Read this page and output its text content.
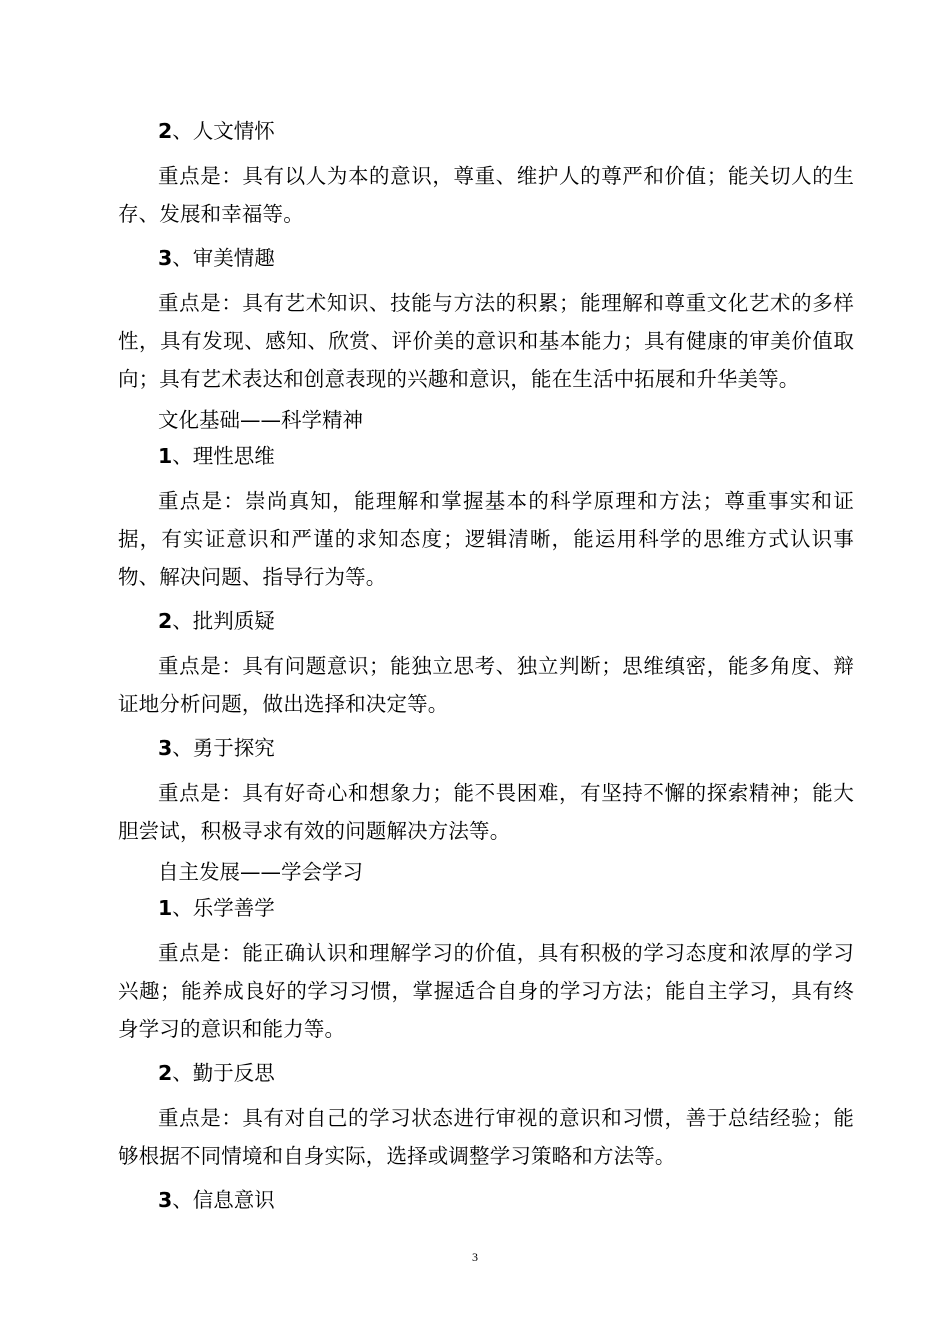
2、人文情怀
重点是：具有以人为本的意识，尊重、维护人的尊严和价值；能关切人的生存、发展和幸福等。
3、审美情趣
重点是：具有艺术知识、技能与方法的积累；能理解和尊重文化艺术的多样性，具有发现、感知、欣赏、评价美的意识和基本能力；具有健康的审美价值取向；具有艺术表达和创意表现的兴趣和意识，能在生活中拓展和升华美等。
文化基础——科学精神
1、理性思维
重点是：崇尚真知，能理解和掌握基本的科学原理和方法；尊重事实和证据，有实证意识和严谨的求知态度；逻辑清晰，能运用科学的思维方式认识事物、解决问题、指导行为等。
2、批判质疑
重点是：具有问题意识；能独立思考、独立判断；思维缜密，能多角度、辩证地分析问题，做出选择和决定等。
3、勇于探究
重点是：具有好奇心和想象力；能不畏困难，有坚持不懈的探索精神；能大胆尝试，积极寻求有效的问题解决方法等。
自主发展——学会学习
1、乐学善学
重点是：能正确认识和理解学习的价值，具有积极的学习态度和浓厚的学习兴趣；能养成良好的学习习惯，掌握适合自身的学习方法；能自主学习，具有终身学习的意识和能力等。
2、勤于反思
重点是：具有对自己的学习状态进行审视的意识和习惯，善于总结经验；能够根据不同情境和自身实际，选择或调整学习策略和方法等。
3、信息意识
3
